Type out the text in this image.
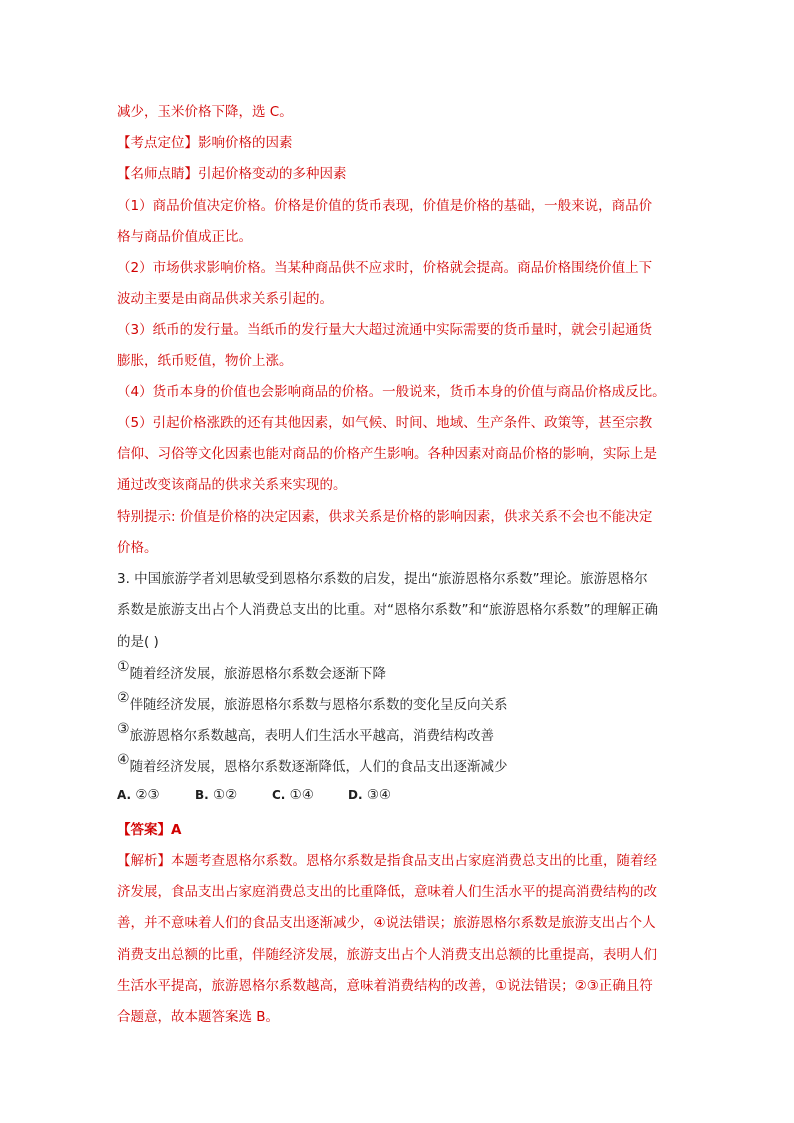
减少，玉米价格下降，选 C。
【考点定位】影响价格的因素
【名师点睛】引起价格变动的多种因素
（1）商品价值决定价格。价格是价值的货币表现，价值是价格的基础，一般来说，商品价
格与商品价值成正比。
（2）市场供求影响价格。当某种商品供不应求时，价格就会提高。商品价格围绕价值上下
波动主要是由商品供求关系引起的。
（3）纸币的发行量。当纸币的发行量大大超过流通中实际需要的货币量时，就会引起通货
膨胀，纸币贬值，物价上涨。
（4）货币本身的价值也会影响商品的价格。一般说来，货币本身的价值与商品价格成反比。
（5）引起价格涨跌的还有其他因素，如气候、时间、地域、生产条件、政策等，甚至宗教
信仰、习俗等文化因素也能对商品的价格产生影响。各种因素对商品价格的影响，实际上是
通过改变该商品的供求关系来实现的。
特别提示: 价值是价格的决定因素，供求关系是价格的影响因素，供求关系不会也不能决定
价格。
3. 中国旅游学者刘思敏受到恩格尔系数的启发，提出“旅游恩格尔系数”理论。旅游恩格尔
系数是旅游支出占个人消费总支出的比重。对“恩格尔系数”和“旅游恩格尔系数”的理解正确
的是( )
①随着经济发展，旅游恩格尔系数会逐渐下降
②伴随经济发展，旅游恩格尔系数与恩格尔系数的变化呈反向关系
③旅游恩格尔系数越高，表明人们生活水平越高，消费结构改善
④随着经济发展，恩格尔系数逐渐降低，人们的食品支出逐渐减少
A. ②③	B. ①②	C. ①④	D. ③④
【答案】A
【解析】本题考查恩格尔系数。恩格尔系数是指食品支出占家庭消费总支出的比重，随着经
济发展，食品支出占家庭消费总支出的比重降低，意味着人们生活水平的提高消费结构的改
善，并不意味着人们的食品支出逐渐减少，④说法错误；旅游恩格尔系数是旅游支出占个人
消费支出总额的比重，伴随经济发展，旅游支出占个人消费支出总额的比重提高，表明人们
生活水平提高，旅游恩格尔系数越高，意味着消费结构的改善，①说法错误；②③正确且符
合题意，故本题答案选 B。
